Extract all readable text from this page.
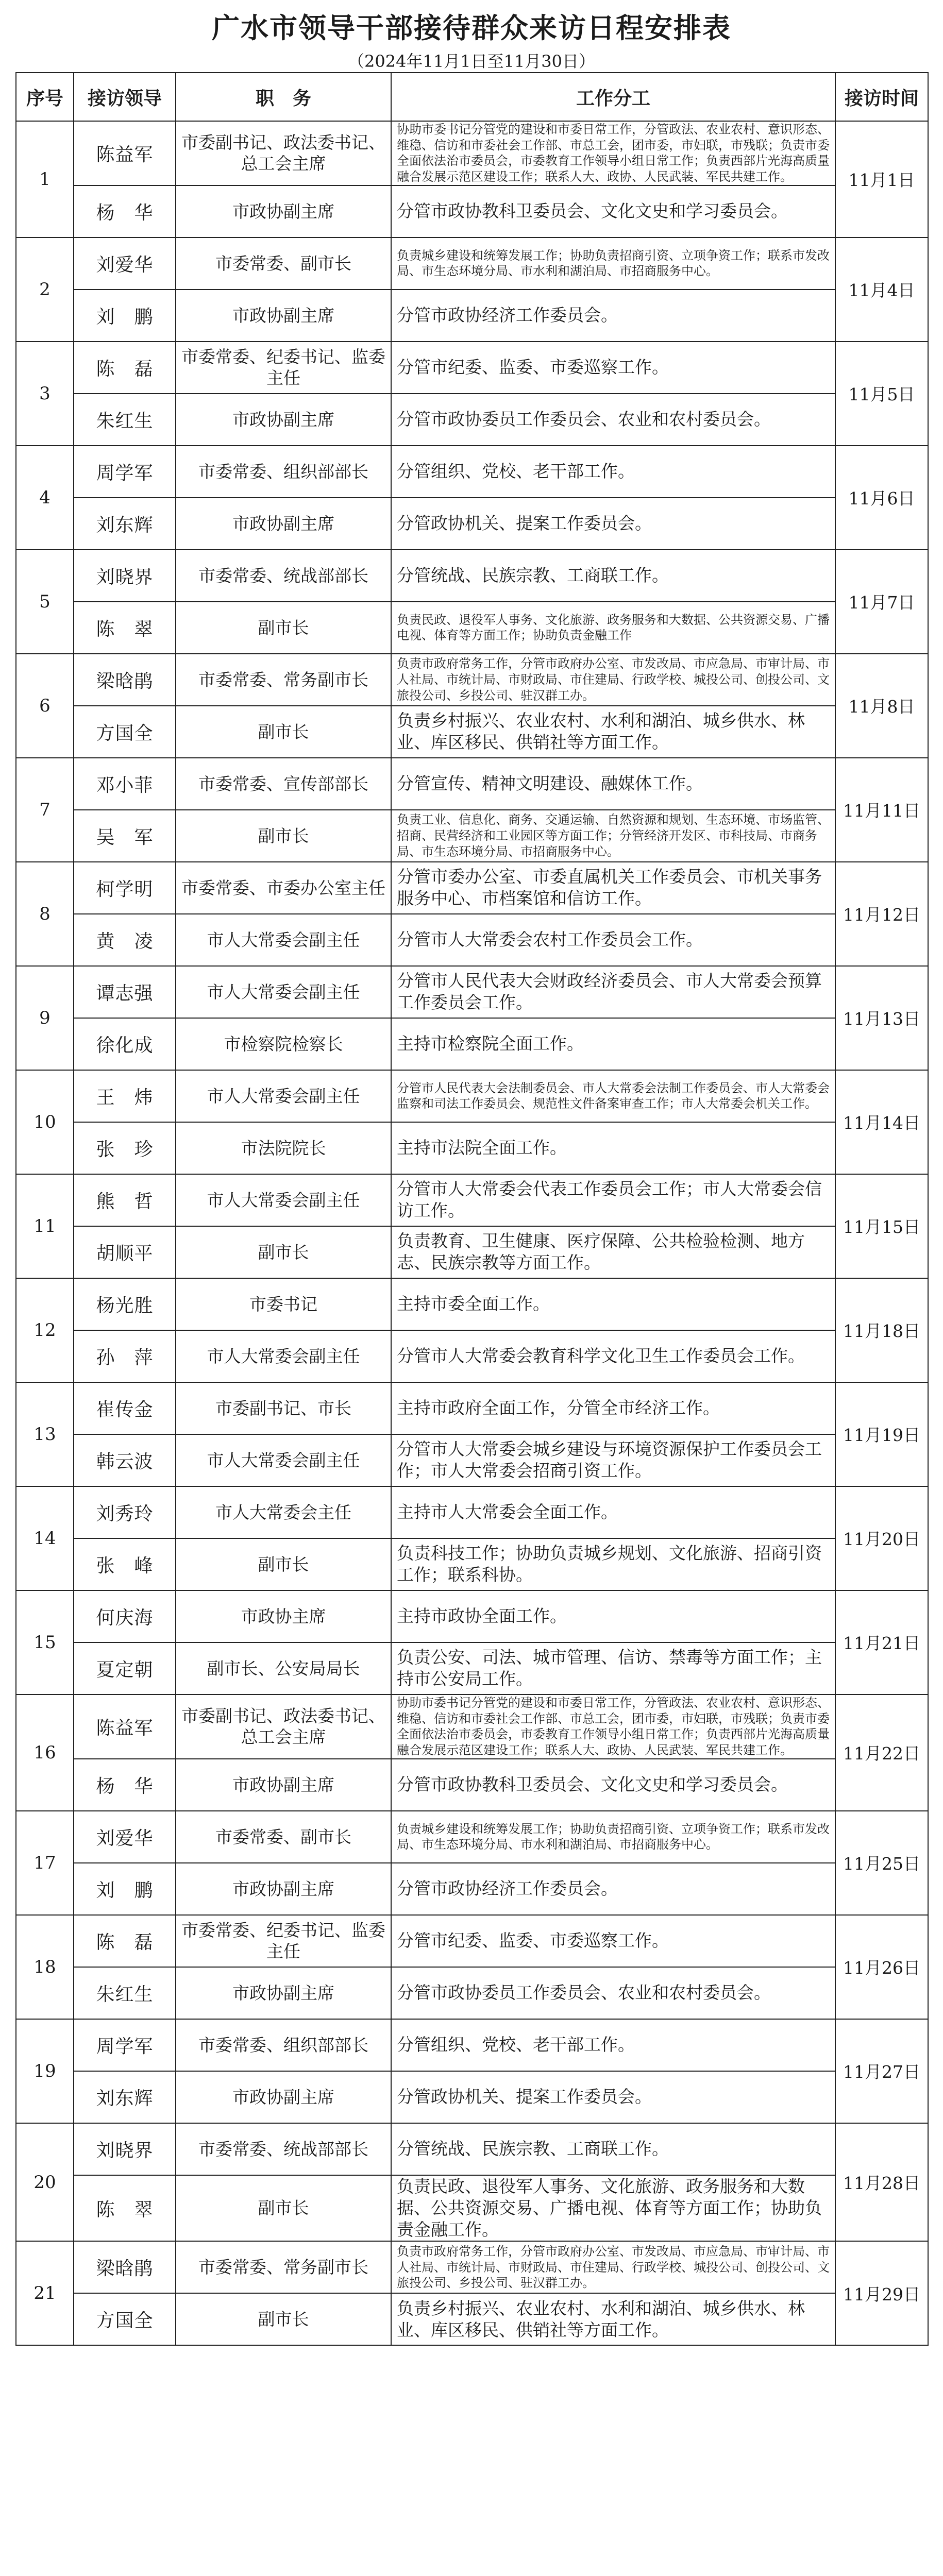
广水市领导干部接待群众来访日程安排表
（2024年11月1日至11月30日）
序号	接访领导	职　务	工作分工	接访时间
1	陈益军	市委副书记、政法委书记、总工会主席	协助市委书记分管党的建设和市委日常工作，分管政法、农业农村、意识形态、维稳、信访和市委社会工作部、市总工会，团市委，市妇联，市残联；负责市委全面依法治市委员会，市委教育工作领导小组日常工作；负责西部片光海高质量融合发展示范区建设工作；联系人大、政协、人民武装、军民共建工作。	11月1日
	杨　华	市政协副主席	分管市政协教科卫委员会、文化文史和学习委员会。	
2	刘爱华	市委常委、副市长	负责城乡建设和统筹发展工作；协助负责招商引资、立项争资工作；联系市发改局、市生态环境分局、市水利和湖泊局、市招商服务中心。	11月4日
	刘　鹏	市政协副主席	分管市政协经济工作委员会。	
3	陈　磊	市委常委、纪委书记、监委主任	分管市纪委、监委、市委巡察工作。	11月5日
	朱红生	市政协副主席	分管市政协委员工作委员会、农业和农村委员会。	
4	周学军	市委常委、组织部部长	分管组织、党校、老干部工作。	11月6日
	刘东辉	市政协副主席	分管政协机关、提案工作委员会。	
5	刘晓界	市委常委、统战部部长	分管统战、民族宗教、工商联工作。	11月7日
	陈　翠	副市长	负责民政、退役军人事务、文化旅游、政务服务和大数据、公共资源交易、广播电视、体育等方面工作；协助负责金融工作	
6	梁晗鹃	市委常委、常务副市长	负责市政府常务工作，分管市政府办公室、市发改局、市应急局、市审计局、市人社局、市统计局、市财政局、市住建局、行政学校、城投公司、创投公司、文旅投公司、乡投公司、驻汉群工办。	11月8日
	方国全	副市长	负责乡村振兴、农业农村、水利和湖泊、城乡供水、林业、库区移民、供销社等方面工作。	
7	邓小菲	市委常委、宣传部部长	分管宣传、精神文明建设、融媒体工作。	11月11日
	吴　军	副市长	负责工业、信息化、商务、交通运输、自然资源和规划、生态环境、市场监管、招商、民营经济和工业园区等方面工作；分管经济开发区、市科技局、市商务局、市生态环境分局、市招商服务中心。	
8	柯学明	市委常委、市委办公室主任	分管市委办公室、市委直属机关工作委员会、市机关事务服务中心、市档案馆和信访工作。	11月12日
	黄　凌	市人大常委会副主任	分管市人大常委会农村工作委员会工作。	
9	谭志强	市人大常委会副主任	分管市人民代表大会财政经济委员会、市人大常委会预算工作委员会工作。	11月13日
	徐化成	市检察院检察长	主持市检察院全面工作。	
10	王　炜	市人大常委会副主任	分管市人民代表大会法制委员会、市人大常委会法制工作委员会、市人大常委会监察和司法工作委员会、规范性文件备案审查工作；市人大常委会机关工作。	11月14日
	张　珍	市法院院长	主持市法院全面工作。	
11	熊　哲	市人大常委会副主任	分管市人大常委会代表工作委员会工作；市人大常委会信访工作。	11月15日
	胡顺平	副市长	负责教育、卫生健康、医疗保障、公共检验检测、地方志、民族宗教等方面工作。	
12	杨光胜	市委书记	主持市委全面工作。	11月18日
	孙　萍	市人大常委会副主任	分管市人大常委会教育科学文化卫生工作委员会工作。	
13	崔传金	市委副书记、市长	主持市政府全面工作，分管全市经济工作。	11月19日
	韩云波	市人大常委会副主任	分管市人大常委会城乡建设与环境资源保护工作委员会工作；市人大常委会招商引资工作。	
14	刘秀玲	市人大常委会主任	主持市人大常委会全面工作。	11月20日
	张　峰	副市长	负责科技工作；协助负责城乡规划、文化旅游、招商引资工作；联系科协。	
15	何庆海	市政协主席	主持市政协全面工作。	11月21日
	夏定朝	副市长、公安局局长	负责公安、司法、城市管理、信访、禁毒等方面工作；主持市公安局工作。	
16	陈益军	市委副书记、政法委书记、总工会主席	协助市委书记分管党的建设和市委日常工作，分管政法、农业农村、意识形态、维稳、信访和市委社会工作部、市总工会，团市委，市妇联，市残联；负责市委全面依法治市委员会，市委教育工作领导小组日常工作；负责西部片光海高质量融合发展示范区建设工作；联系人大、政协、人民武装、军民共建工作。	11月22日
	杨　华	市政协副主席	分管市政协教科卫委员会、文化文史和学习委员会。	
17	刘爱华	市委常委、副市长	负责城乡建设和统筹发展工作；协助负责招商引资、立项争资工作；联系市发改局、市生态环境分局、市水利和湖泊局、市招商服务中心。	11月25日
	刘　鹏	市政协副主席	分管市政协经济工作委员会。	
18	陈　磊	市委常委、纪委书记、监委主任	分管市纪委、监委、市委巡察工作。	11月26日
	朱红生	市政协副主席	分管市政协委员工作委员会、农业和农村委员会。	
19	周学军	市委常委、组织部部长	分管组织、党校、老干部工作。	11月27日
	刘东辉	市政协副主席	分管政协机关、提案工作委员会。	
20	刘晓界	市委常委、统战部部长	分管统战、民族宗教、工商联工作。	11月28日
	陈　翠	副市长	负责民政、退役军人事务、文化旅游、政务服务和大数据、公共资源交易、广播电视、体育等方面工作；协助负责金融工作。	
21	梁晗鹃	市委常委、常务副市长	负责市政府常务工作，分管市政府办公室、市发改局、市应急局、市审计局、市人社局、市统计局、市财政局、市住建局、行政学校、城投公司、创投公司、文旅投公司、乡投公司、驻汉群工办。	11月29日
	方国全	副市长	负责乡村振兴、农业农村、水利和湖泊、城乡供水、林业、库区移民、供销社等方面工作。	
